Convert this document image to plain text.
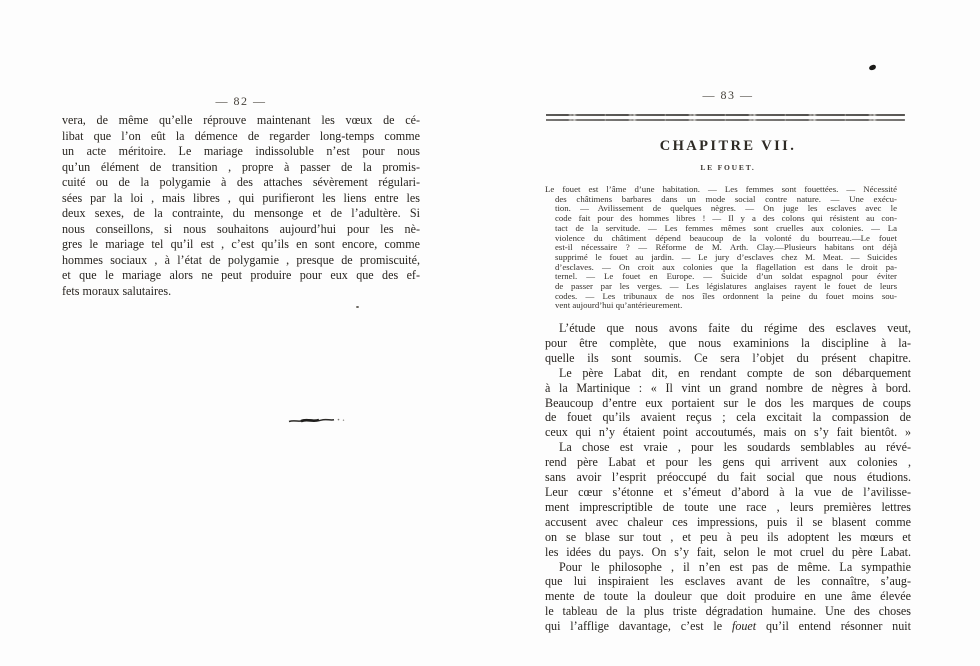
— 82 —
vera, de même qu’elle réprouve maintenant les vœux de cé-
libat que l’on eût la démence de regarder long-temps comme
un acte méritoire. Le mariage indissoluble n’est pour nous
qu’un élément de transition , propre à passer de la promis-
cuité ou de la polygamie à des attaches sévèrement régulari-
sées par la loi , mais libres , qui purifieront les liens entre les
deux sexes, de la contrainte, du mensonge et de l’adultère. Si
nous conseillons, si nous souhaitons aujourd’hui pour les nè-
gres le mariage tel qu’il est , c’est qu’ils en sont encore, comme
hommes sociaux , à l’état de polygamie , presque de promiscuité,
et que le mariage alors ne peut produire pour eux que des ef-
fets moraux salutaires.
— 83 —
CHAPITRE VII.
LE FOUET.
Le fouet est l’âme d’une habitation. — Les femmes sont fouettées. — Nécessité
des châtimens barbares dans un mode social contre nature. — Une exécu-
tion. — Avilissement de quelques nègres. — On juge les esclaves avec le
code fait pour des hommes libres ! — Il y a des colons qui résistent au con-
tact de la servitude. — Les femmes mêmes sont cruelles aux colonies. — La
violence du châtiment dépend beaucoup de la volonté du bourreau.—Le fouet
est-il nécessaire ? — Réforme de M. Arth. Clay.—Plusieurs habitans ont déjà
supprimé le fouet au jardin. — Le jury d’esclaves chez M. Meat. — Suicides
d’esclaves. — On croit aux colonies que la flagellation est dans le droit pa-
ternel. — Le fouet en Europe. — Suicide d’un soldat espagnol pour éviter
de passer par les verges. — Les législatures anglaises rayent le fouet de leurs
codes. — Les tribunaux de nos îles ordonnent la peine du fouet moins sou-
vent aujourd’hui qu’antérieurement.
L’étude que nous avons faite du régime des esclaves veut,
pour être complète, que nous examinions la discipline à la-
quelle ils sont soumis. Ce sera l’objet du présent chapitre.
Le père Labat dit, en rendant compte de son débarquement
à la Martinique : « Il vint un grand nombre de nègres à bord.
Beaucoup d’entre eux portaient sur le dos les marques de coups
de fouet qu’ils avaient reçus ; cela excitait la compassion de
ceux qui n’y étaient point accoutumés, mais on s’y fait bientôt. »
La chose est vraie , pour les soudards semblables au révé-
rend père Labat et pour les gens qui arrivent aux colonies ,
sans avoir l’esprit préoccupé du fait social que nous étudions.
Leur cœur s’étonne et s’émeut d’abord à la vue de l’avilisse-
ment imprescriptible de toute une race , leurs premières lettres
accusent avec chaleur ces impressions, puis il se blasent comme
on se blase sur tout , et peu à peu ils adoptent les mœurs et
les idées du pays. On s’y fait, selon le mot cruel du père Labat.
Pour le philosophe , il n’en est pas de même. La sympathie
que lui inspiraient les esclaves avant de les connaître, s’aug-
mente de toute la douleur que doit produire en une âme élevée
le tableau de la plus triste dégradation humaine. Une des choses
qui l’afflige davantage, c’est le fouet qu’il entend résonner nuit
